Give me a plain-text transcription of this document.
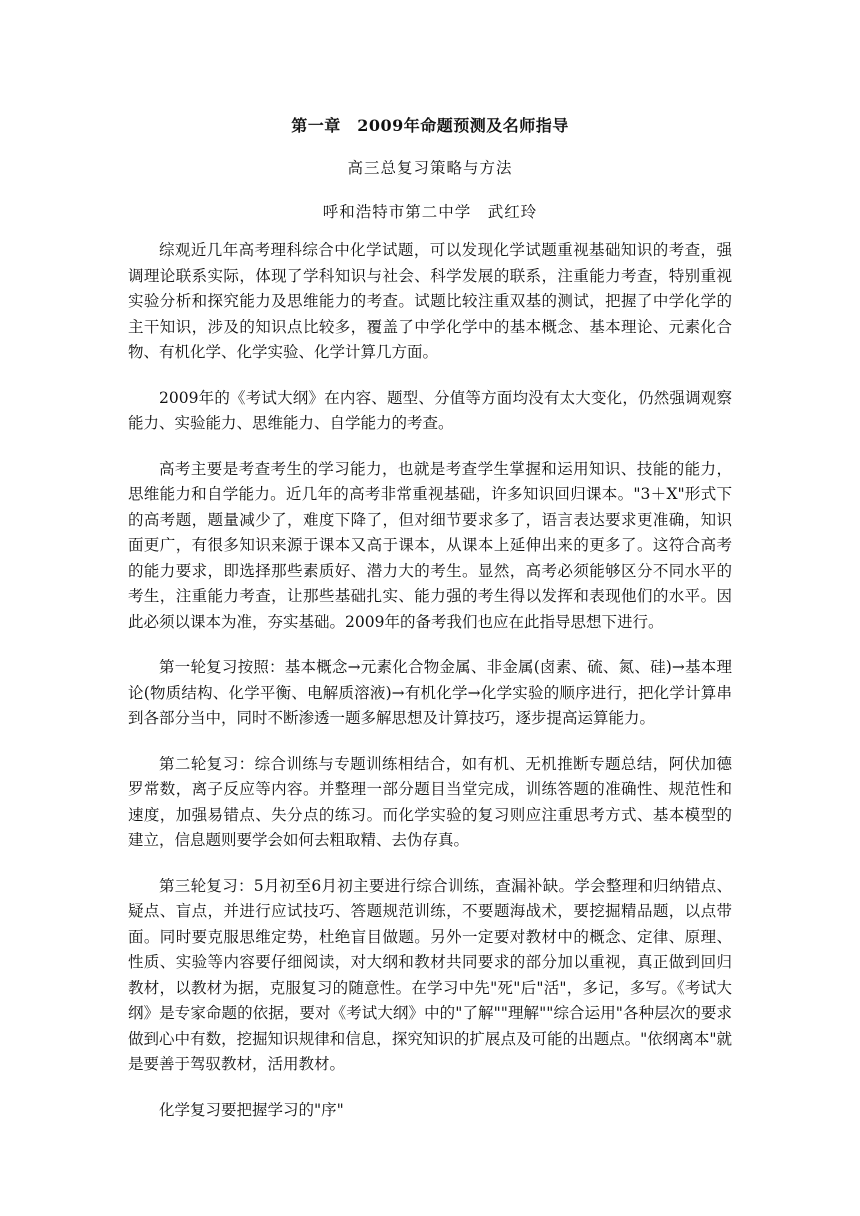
第一章　2009年命题预测及名师指导
高三总复习策略与方法
呼和浩特市第二中学　武红玲

综观近几年高考理科综合中化学试题，可以发现化学试题重视基础知识的考查，强调理论联系实际，体现了学科知识与社会、科学发展的联系，注重能力考查，特别重视实验分析和探究能力及思维能力的考查。试题比较注重双基的测试，把握了中学化学的主干知识，涉及的知识点比较多，覆盖了中学化学中的基本概念、基本理论、元素化合物、有机化学、化学实验、化学计算几方面。

2009年的《考试大纲》在内容、题型、分值等方面均没有太大变化，仍然强调观察能力、实验能力、思维能力、自学能力的考查。

高考主要是考查考生的学习能力，也就是考查学生掌握和运用知识、技能的能力，思维能力和自学能力。近几年的高考非常重视基础，许多知识回归课本。"3＋X"形式下的高考题，题量减少了，难度下降了，但对细节要求多了，语言表达要求更准确，知识面更广，有很多知识来源于课本又高于课本，从课本上延伸出来的更多了。这符合高考的能力要求，即选择那些素质好、潜力大的考生。显然，高考必须能够区分不同水平的考生，注重能力考查，让那些基础扎实、能力强的考生得以发挥和表现他们的水平。因此必须以课本为准，夯实基础。2009年的备考我们也应在此指导思想下进行。

第一轮复习按照：基本概念→元素化合物金属、非金属(卤素、硫、氮、硅)→基本理论(物质结构、化学平衡、电解质溶液)→有机化学→化学实验的顺序进行，把化学计算串到各部分当中，同时不断渗透一题多解思想及计算技巧，逐步提高运算能力。

第二轮复习：综合训练与专题训练相结合，如有机、无机推断专题总结，阿伏加德罗常数，离子反应等内容。并整理一部分题目当堂完成，训练答题的准确性、规范性和速度，加强易错点、失分点的练习。而化学实验的复习则应注重思考方式、基本模型的建立，信息题则要学会如何去粗取精、去伪存真。

第三轮复习：5月初至6月初主要进行综合训练，查漏补缺。学会整理和归纳错点、疑点、盲点，并进行应试技巧、答题规范训练，不要题海战术，要挖掘精品题，以点带面。同时要克服思维定势，杜绝盲目做题。另外一定要对教材中的概念、定律、原理、性质、实验等内容要仔细阅读，对大纲和教材共同要求的部分加以重视，真正做到回归教材，以教材为据，克服复习的随意性。在学习中先"死"后"活"，多记，多写。《考试大纲》是专家命题的依据，要对《考试大纲》中的"了解""理解""综合运用"各种层次的要求做到心中有数，挖掘知识规律和信息，探究知识的扩展点及可能的出题点。"依纲离本"就是要善于驾驭教材，活用教材。

化学复习要把握学习的"序"
